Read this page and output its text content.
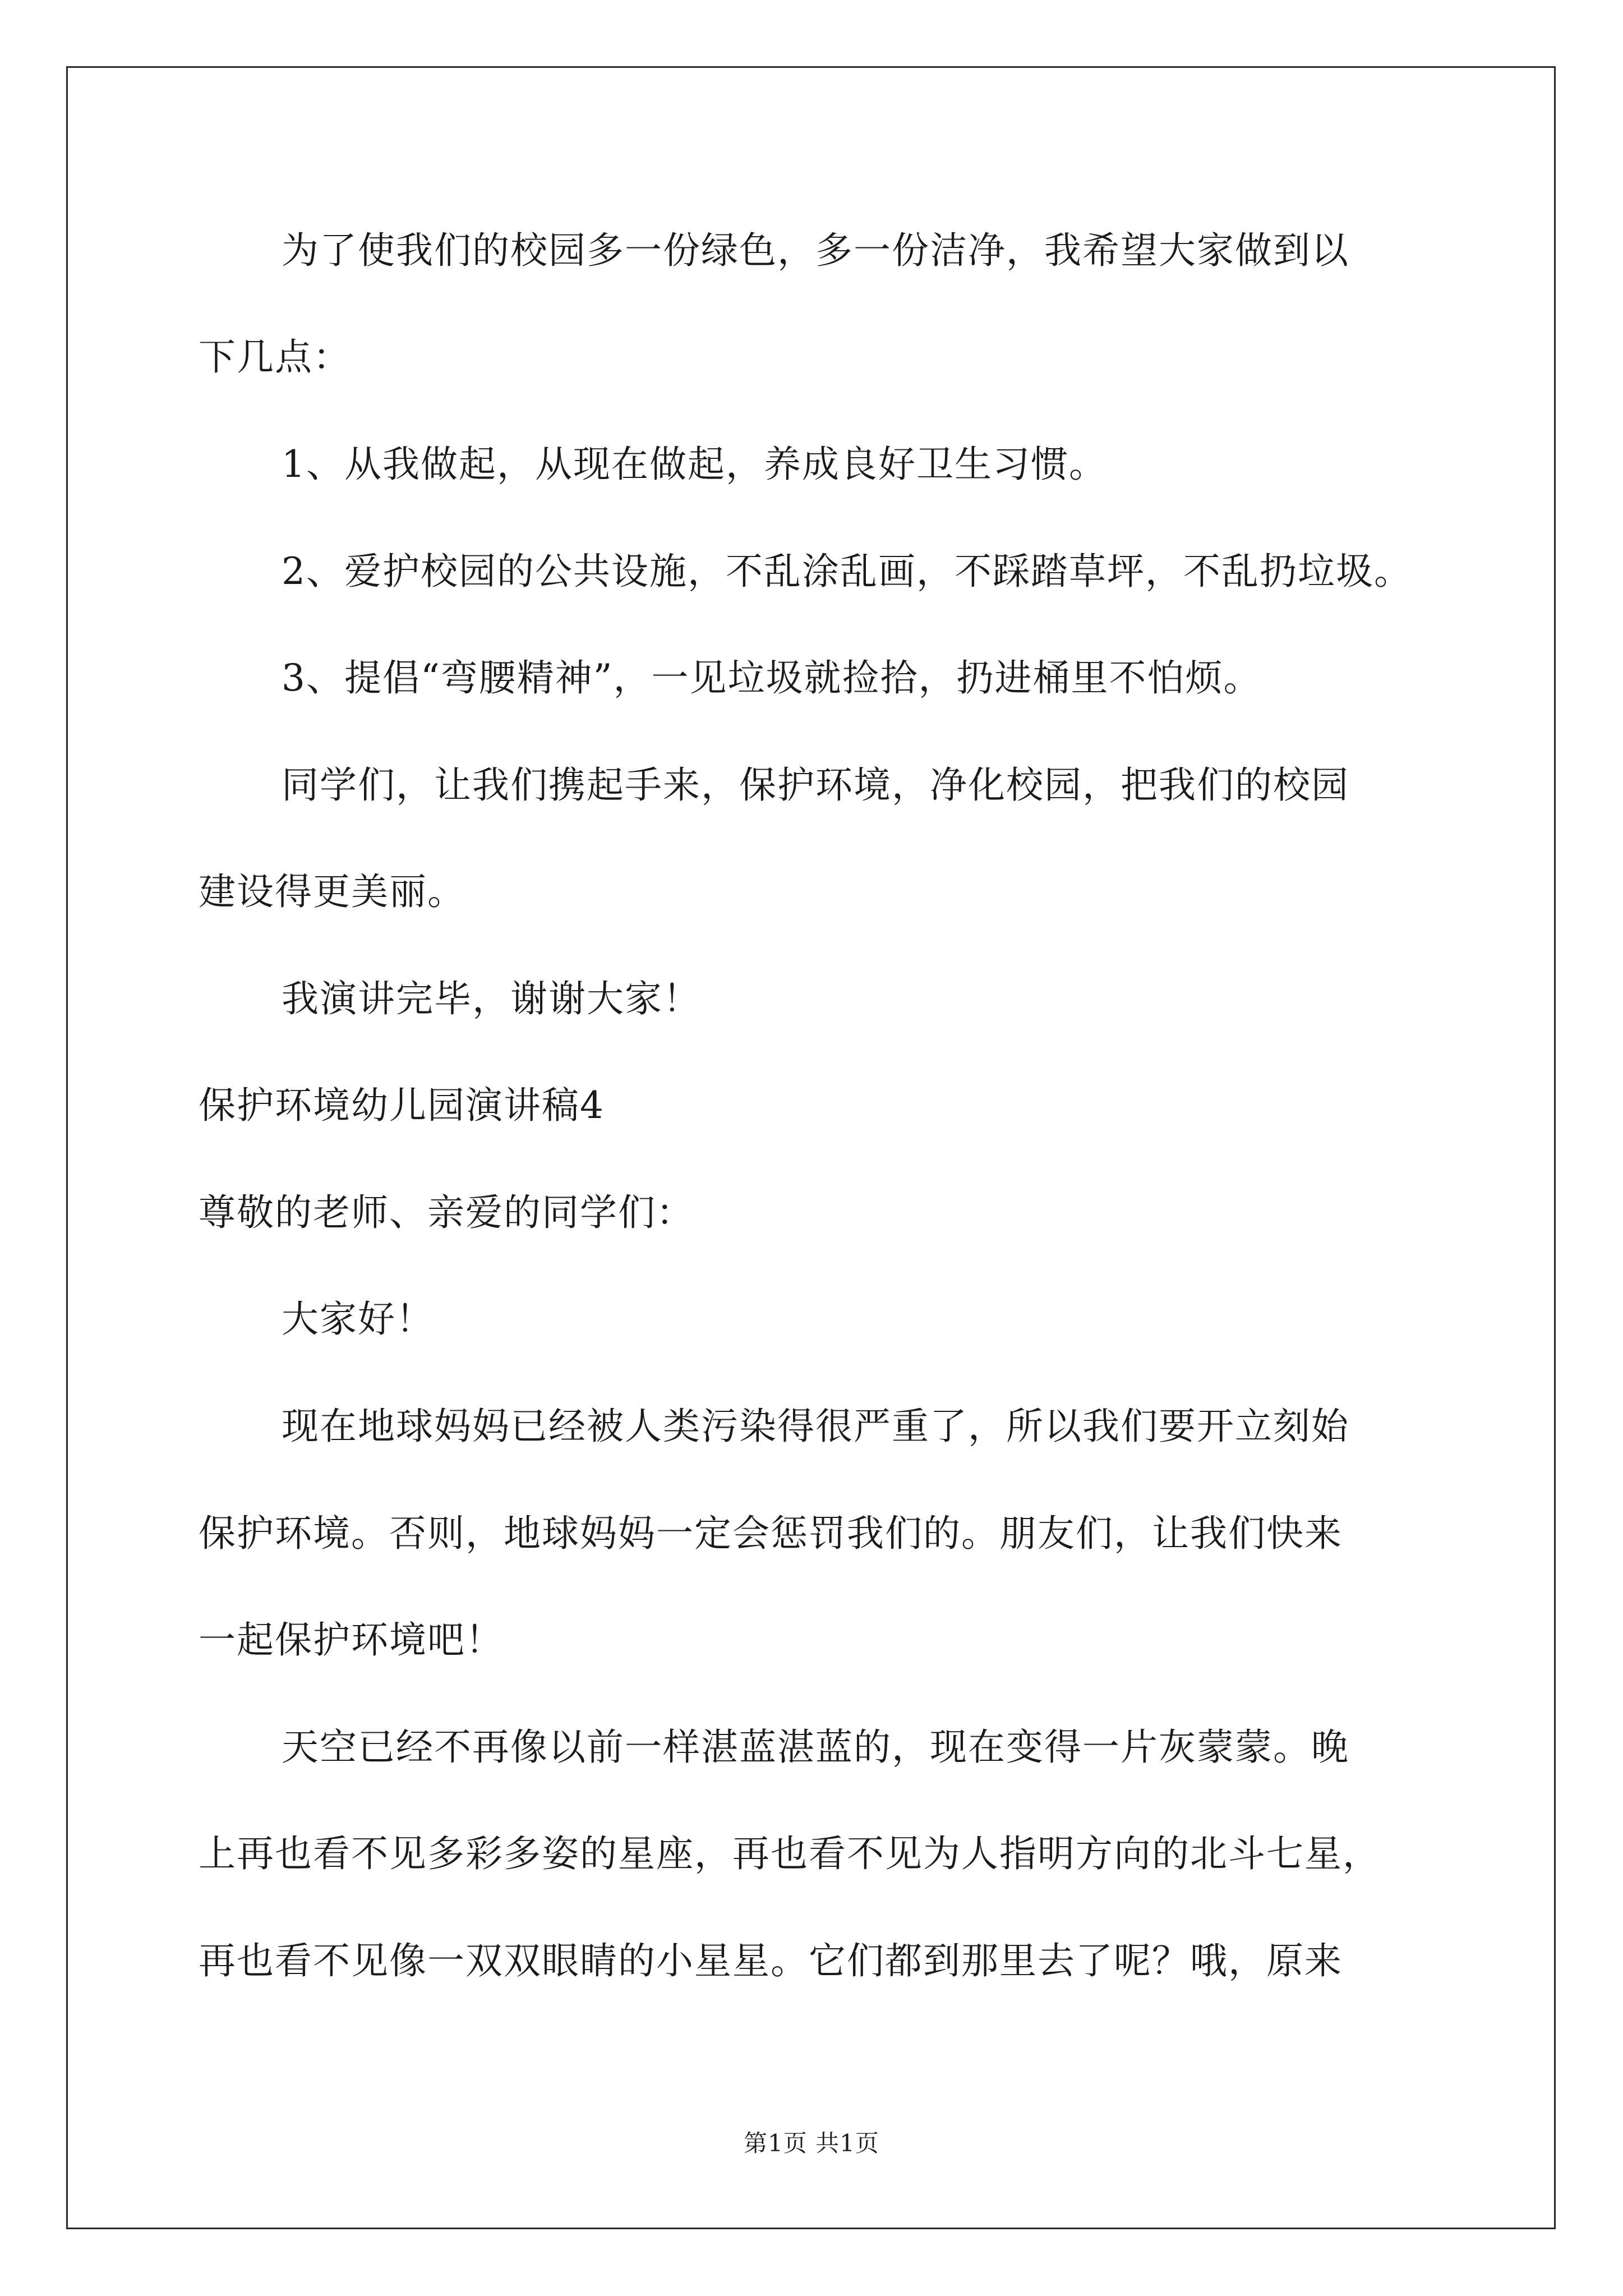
为了使我们的校园多一份绿色，多一份洁净，我希望大家做到以
下几点：
1、从我做起，从现在做起，养成良好卫生习惯。
2、爱护校园的公共设施，不乱涂乱画，不踩踏草坪，不乱扔垃圾。
3、提倡“弯腰精神”，一见垃圾就捡拾，扔进桶里不怕烦。
同学们，让我们携起手来，保护环境，净化校园，把我们的校园
建设得更美丽。
我演讲完毕，谢谢大家！
保护环境幼儿园演讲稿4
尊敬的老师、亲爱的同学们：
大家好！
现在地球妈妈已经被人类污染得很严重了，所以我们要开立刻始
保护环境。否则，地球妈妈一定会惩罚我们的。朋友们，让我们快来
一起保护环境吧！
天空已经不再像以前一样湛蓝湛蓝的，现在变得一片灰蒙蒙。晚
上再也看不见多彩多姿的星座，再也看不见为人指明方向的北斗七星，
再也看不见像一双双眼睛的小星星。它们都到那里去了呢？哦，原来
第1页 共1页
